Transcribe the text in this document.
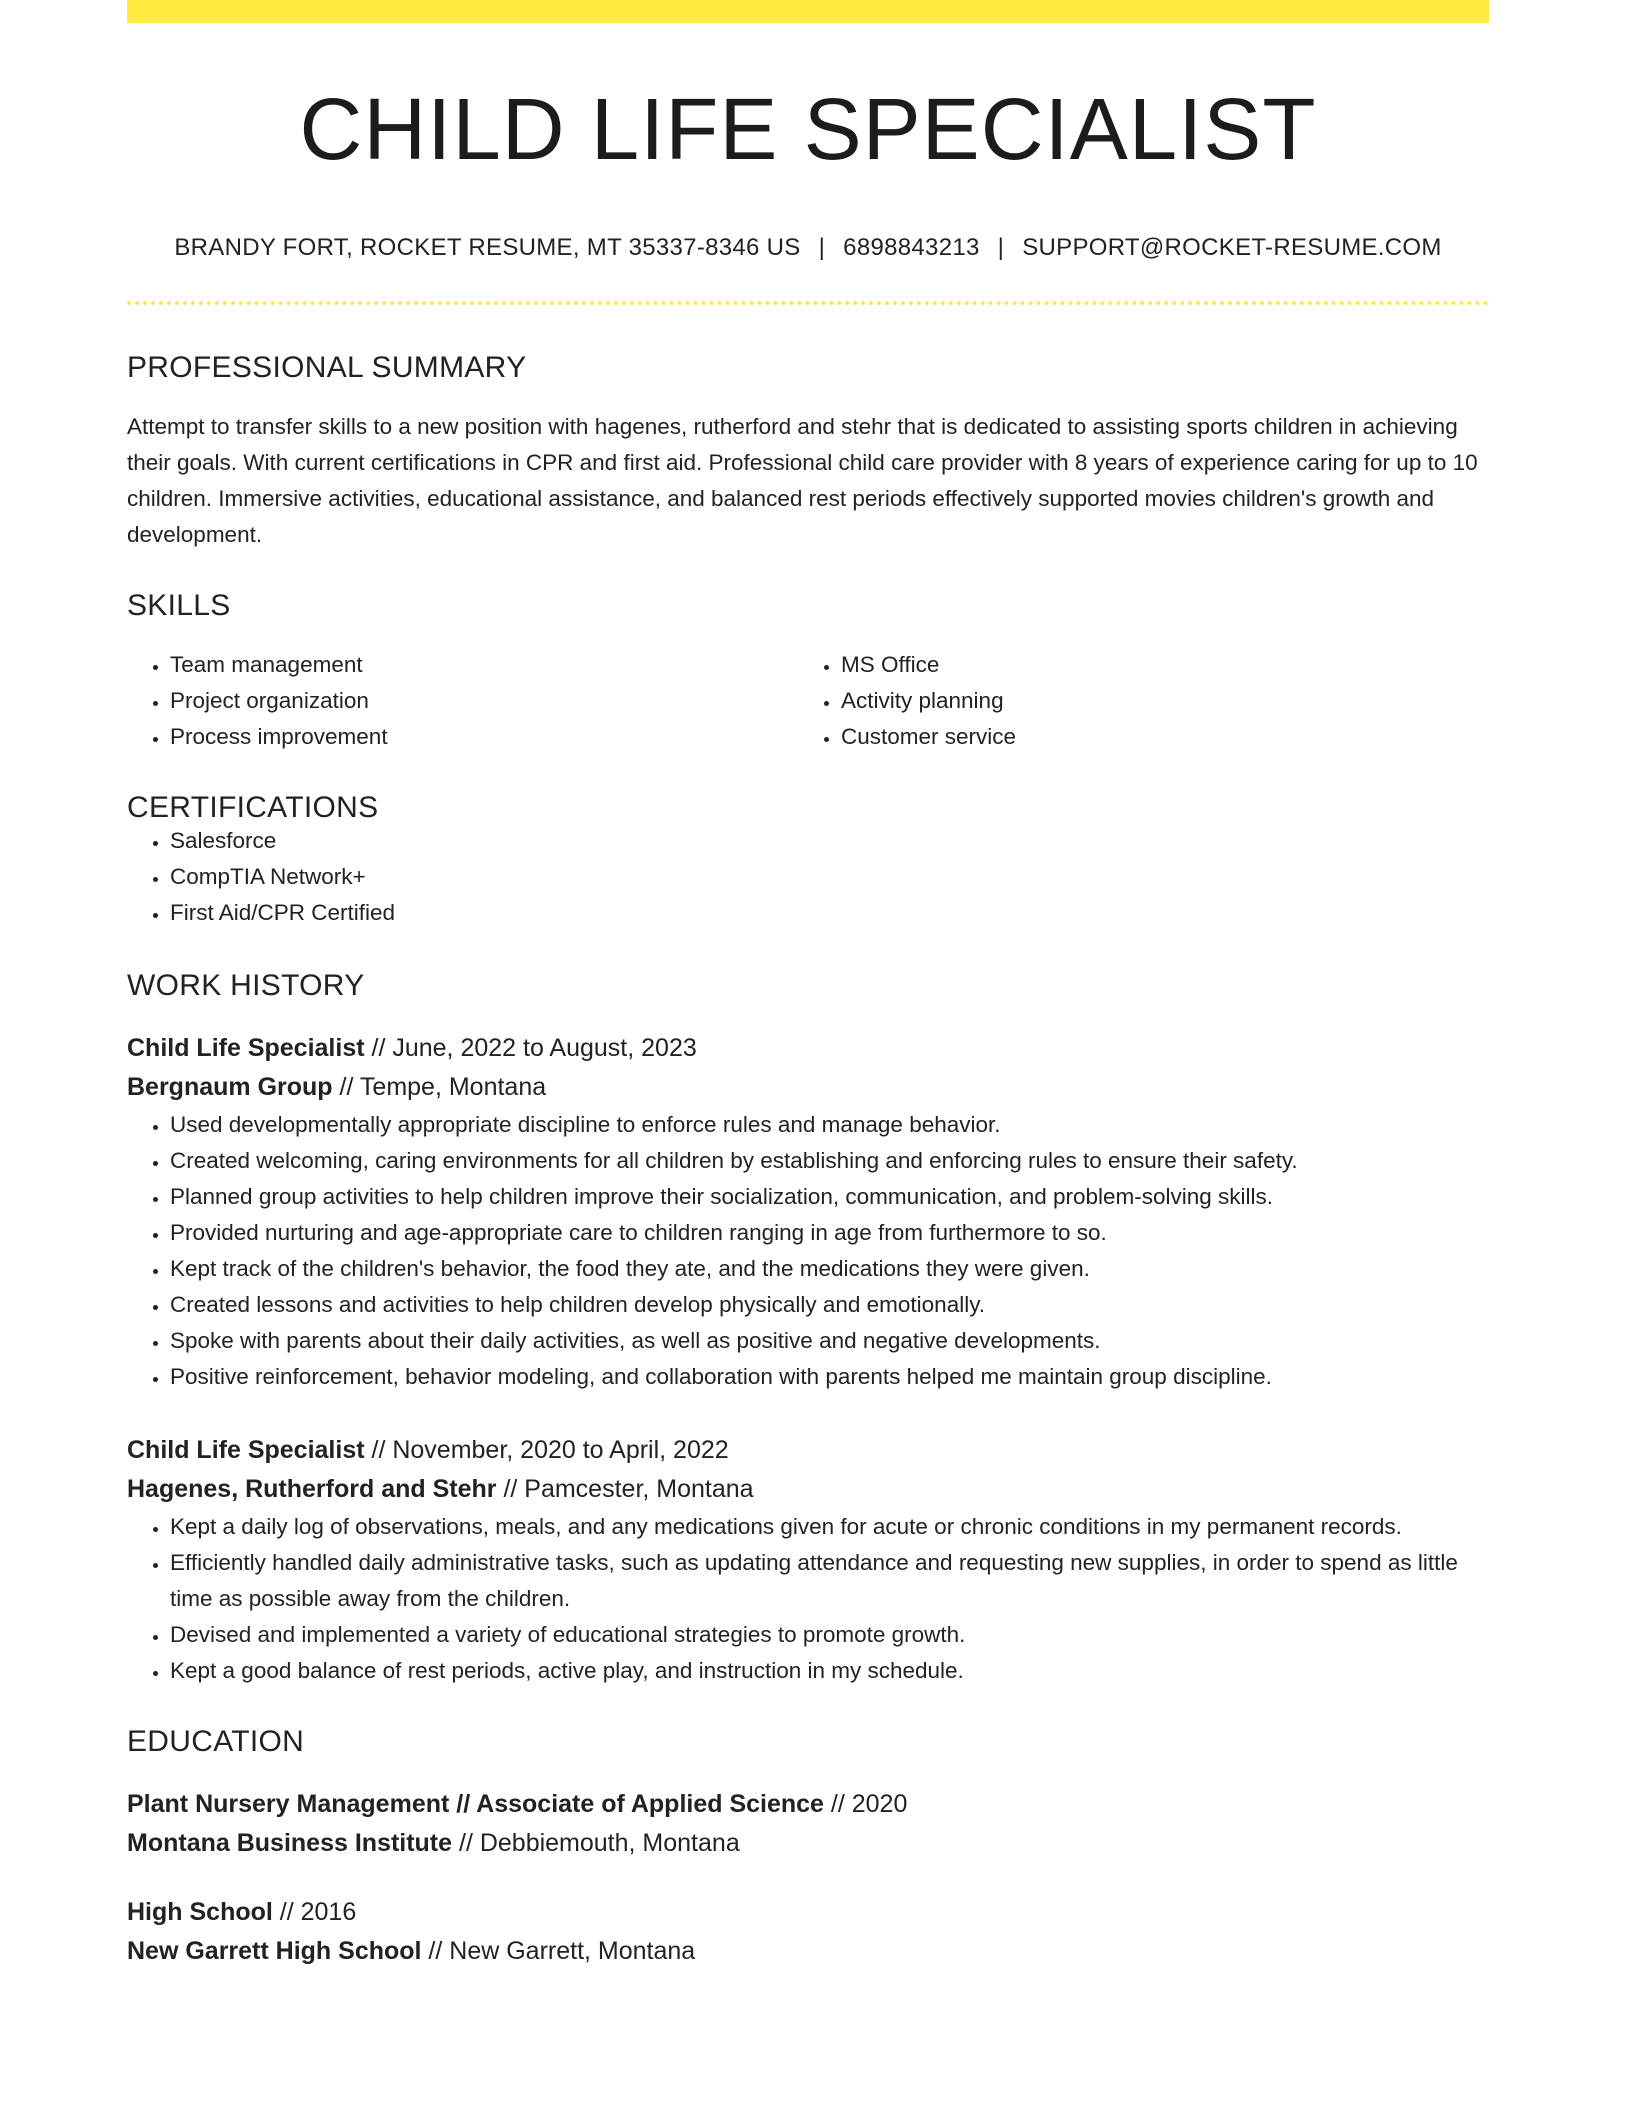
CHILD LIFE SPECIALIST
BRANDY FORT, ROCKET RESUME, MT 35337-8346 US | 6898843213 | SUPPORT@ROCKET-RESUME.COM
PROFESSIONAL SUMMARY

Attempt to transfer skills to a new position with hagenes, rutherford and stehr that is dedicated to assisting sports children in achieving their goals. With current certifications in CPR and first aid. Professional child care provider with 8 years of experience caring for up to 10 children. Immersive activities, educational assistance, and balanced rest periods effectively supported movies children's growth and development.

SKILLS
• Team management
• Project organization
• Process improvement
• MS Office
• Activity planning
• Customer service
CERTIFICATIONS
• Salesforce
• CompTIA Network+
• First Aid/CPR Certified
WORK HISTORY
Child Life Specialist // June, 2022 to August, 2023
Bergnaum Group // Tempe, Montana
• Used developmentally appropriate discipline to enforce rules and manage behavior.
• Created welcoming, caring environments for all children by establishing and enforcing rules to ensure their safety.
• Planned group activities to help children improve their socialization, communication, and problem-solving skills.
• Provided nurturing and age-appropriate care to children ranging in age from furthermore to so.
• Kept track of the children's behavior, the food they ate, and the medications they were given.
• Created lessons and activities to help children develop physically and emotionally.
• Spoke with parents about their daily activities, as well as positive and negative developments.
• Positive reinforcement, behavior modeling, and collaboration with parents helped me maintain group discipline.
Child Life Specialist // November, 2020 to April, 2022
Hagenes, Rutherford and Stehr // Pamcester, Montana
• Kept a daily log of observations, meals, and any medications given for acute or chronic conditions in my permanent records.
• Efficiently handled daily administrative tasks, such as updating attendance and requesting new supplies, in order to spend as little time as possible away from the children.
• Devised and implemented a variety of educational strategies to promote growth.
• Kept a good balance of rest periods, active play, and instruction in my schedule.
EDUCATION
Plant Nursery Management // Associate of Applied Science // 2020
Montana Business Institute // Debbiemouth, Montana
High School // 2016
New Garrett High School // New Garrett, Montana
